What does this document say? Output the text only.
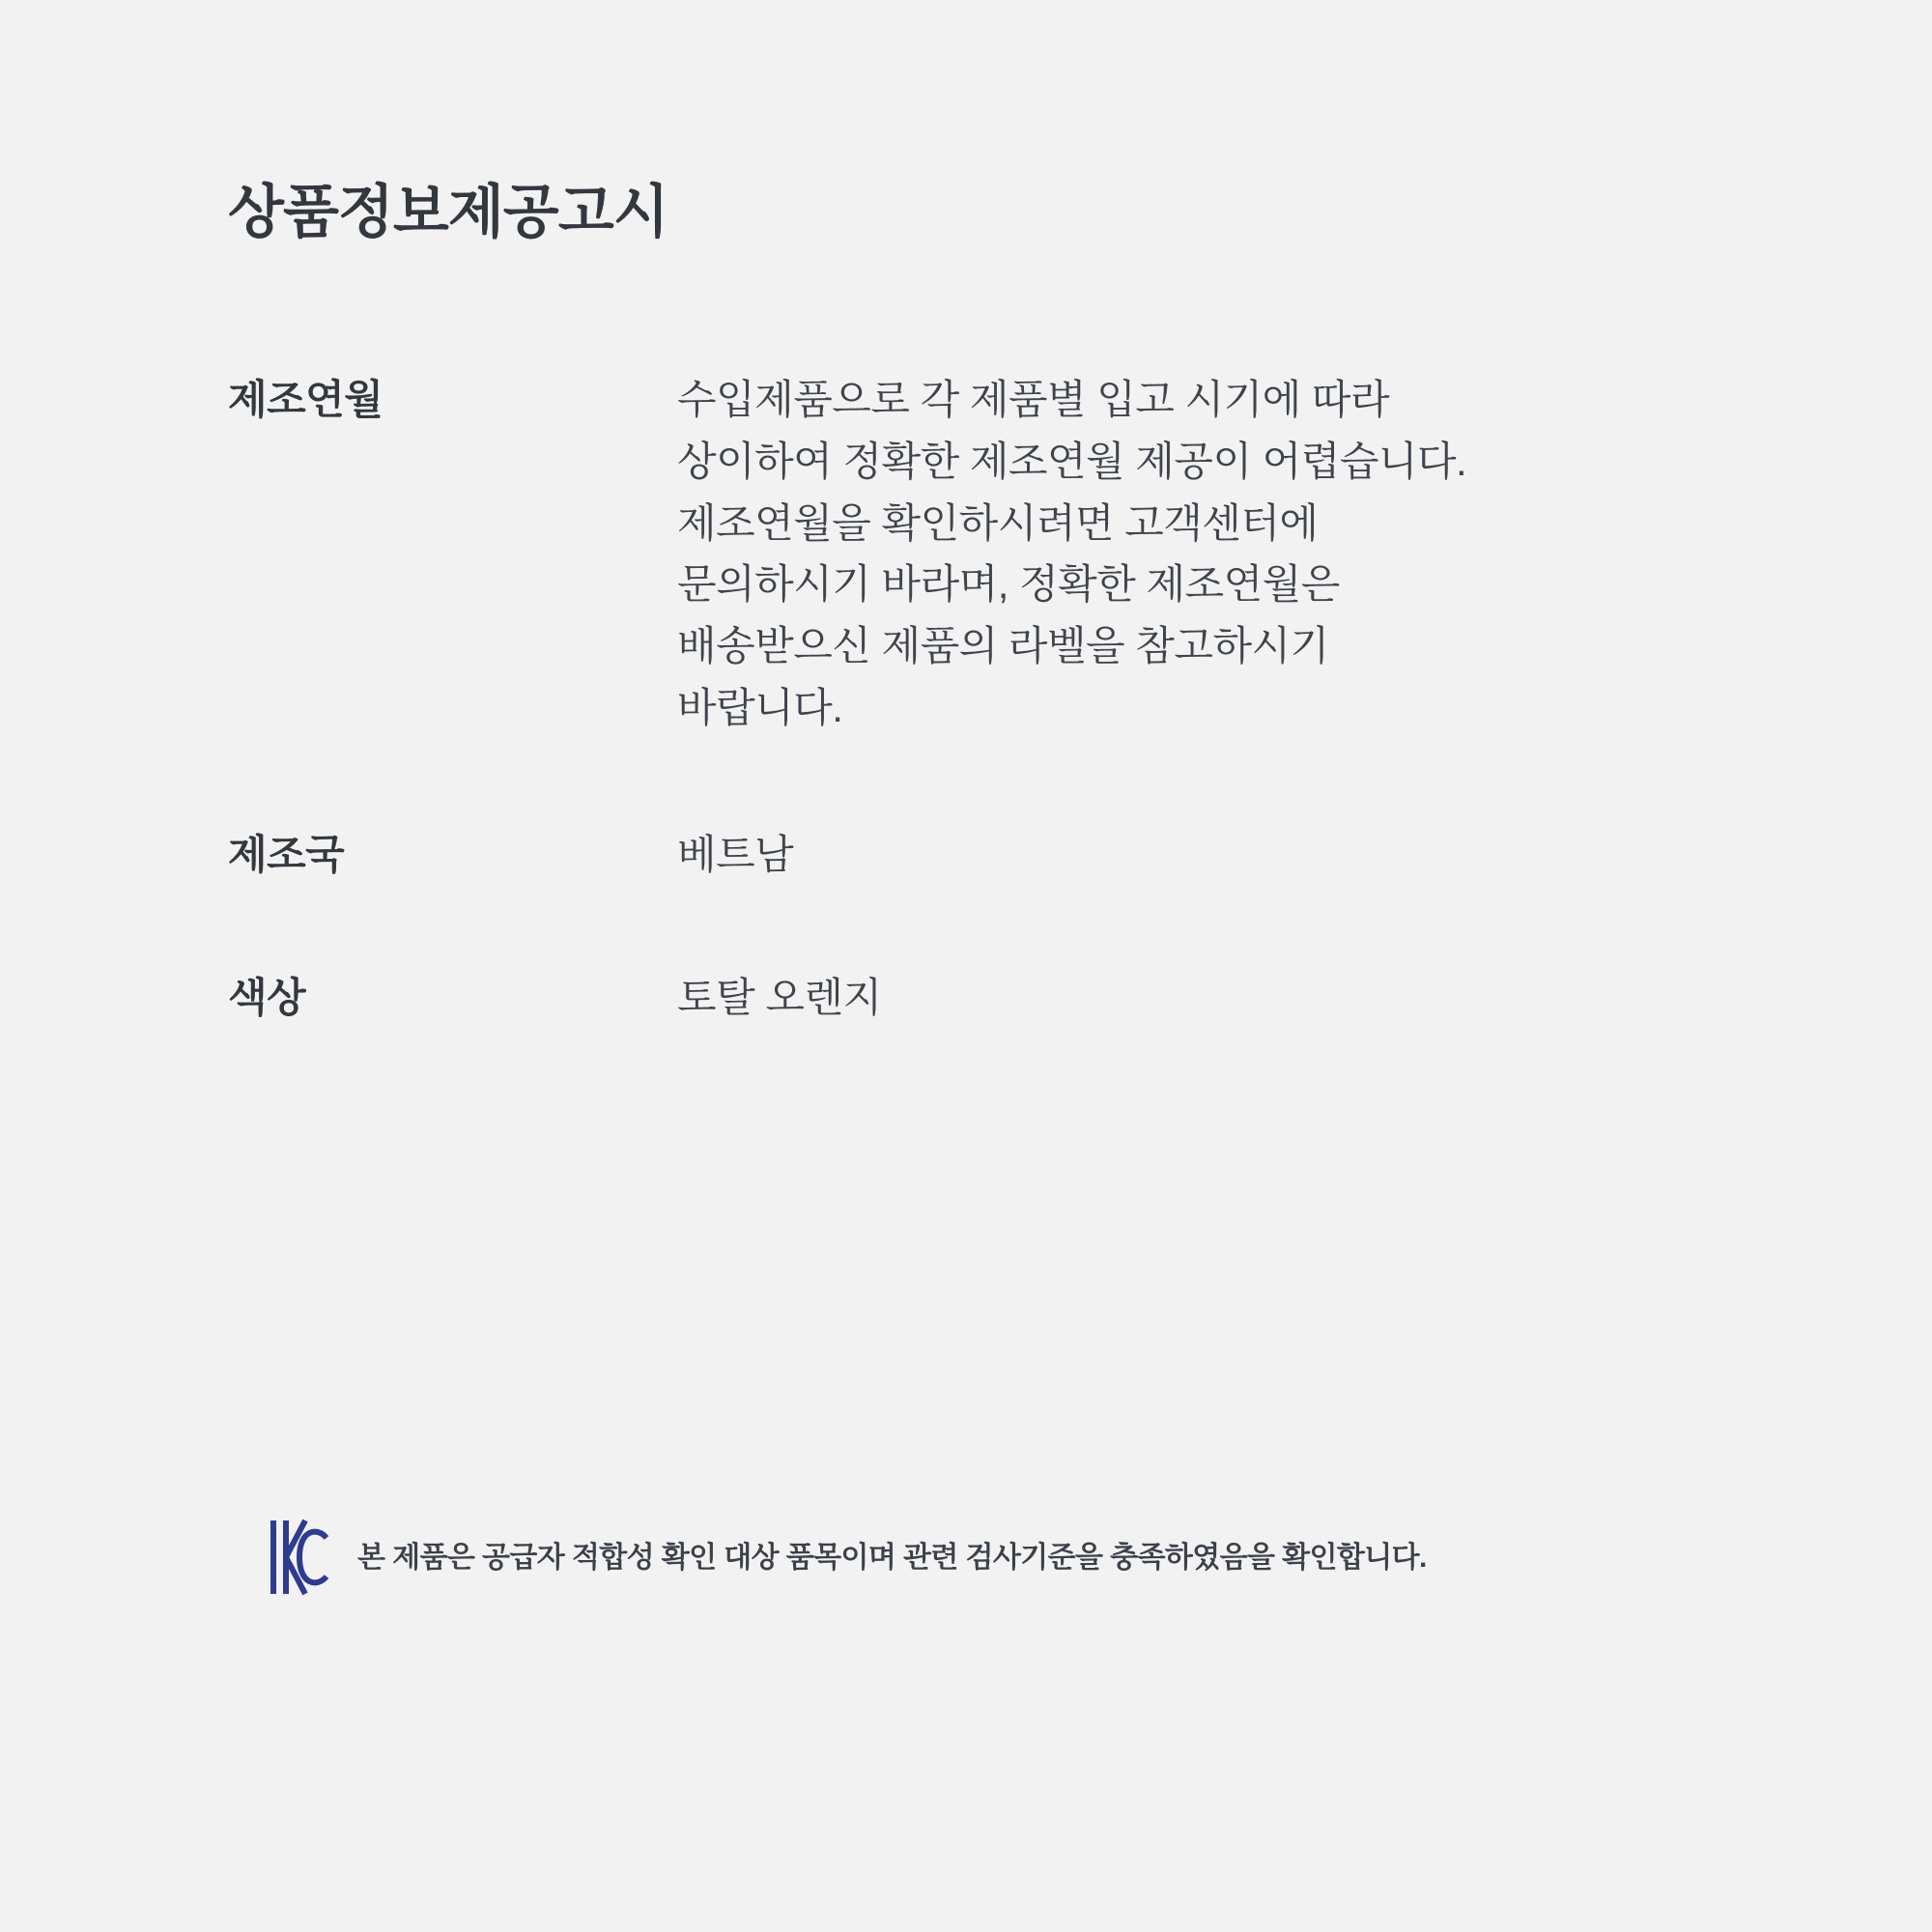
상품정보제공고시
제조연월	수입제품으로 각 제품별 입고 시기에 따라
상이하여 정확한 제조연월 제공이 어렵습니다.
제조연월을 확인하시려면 고객센터에
문의하시기 바라며, 정확한 제조연월은
배송받으신 제품의 라벨을 참고하시기
바랍니다.
제조국	베트남
색상	토탈 오렌지
본 제품은 공급자 적합성 확인 대상 품목이며 관련 검사기준을 충족하였음을 확인합니다.
